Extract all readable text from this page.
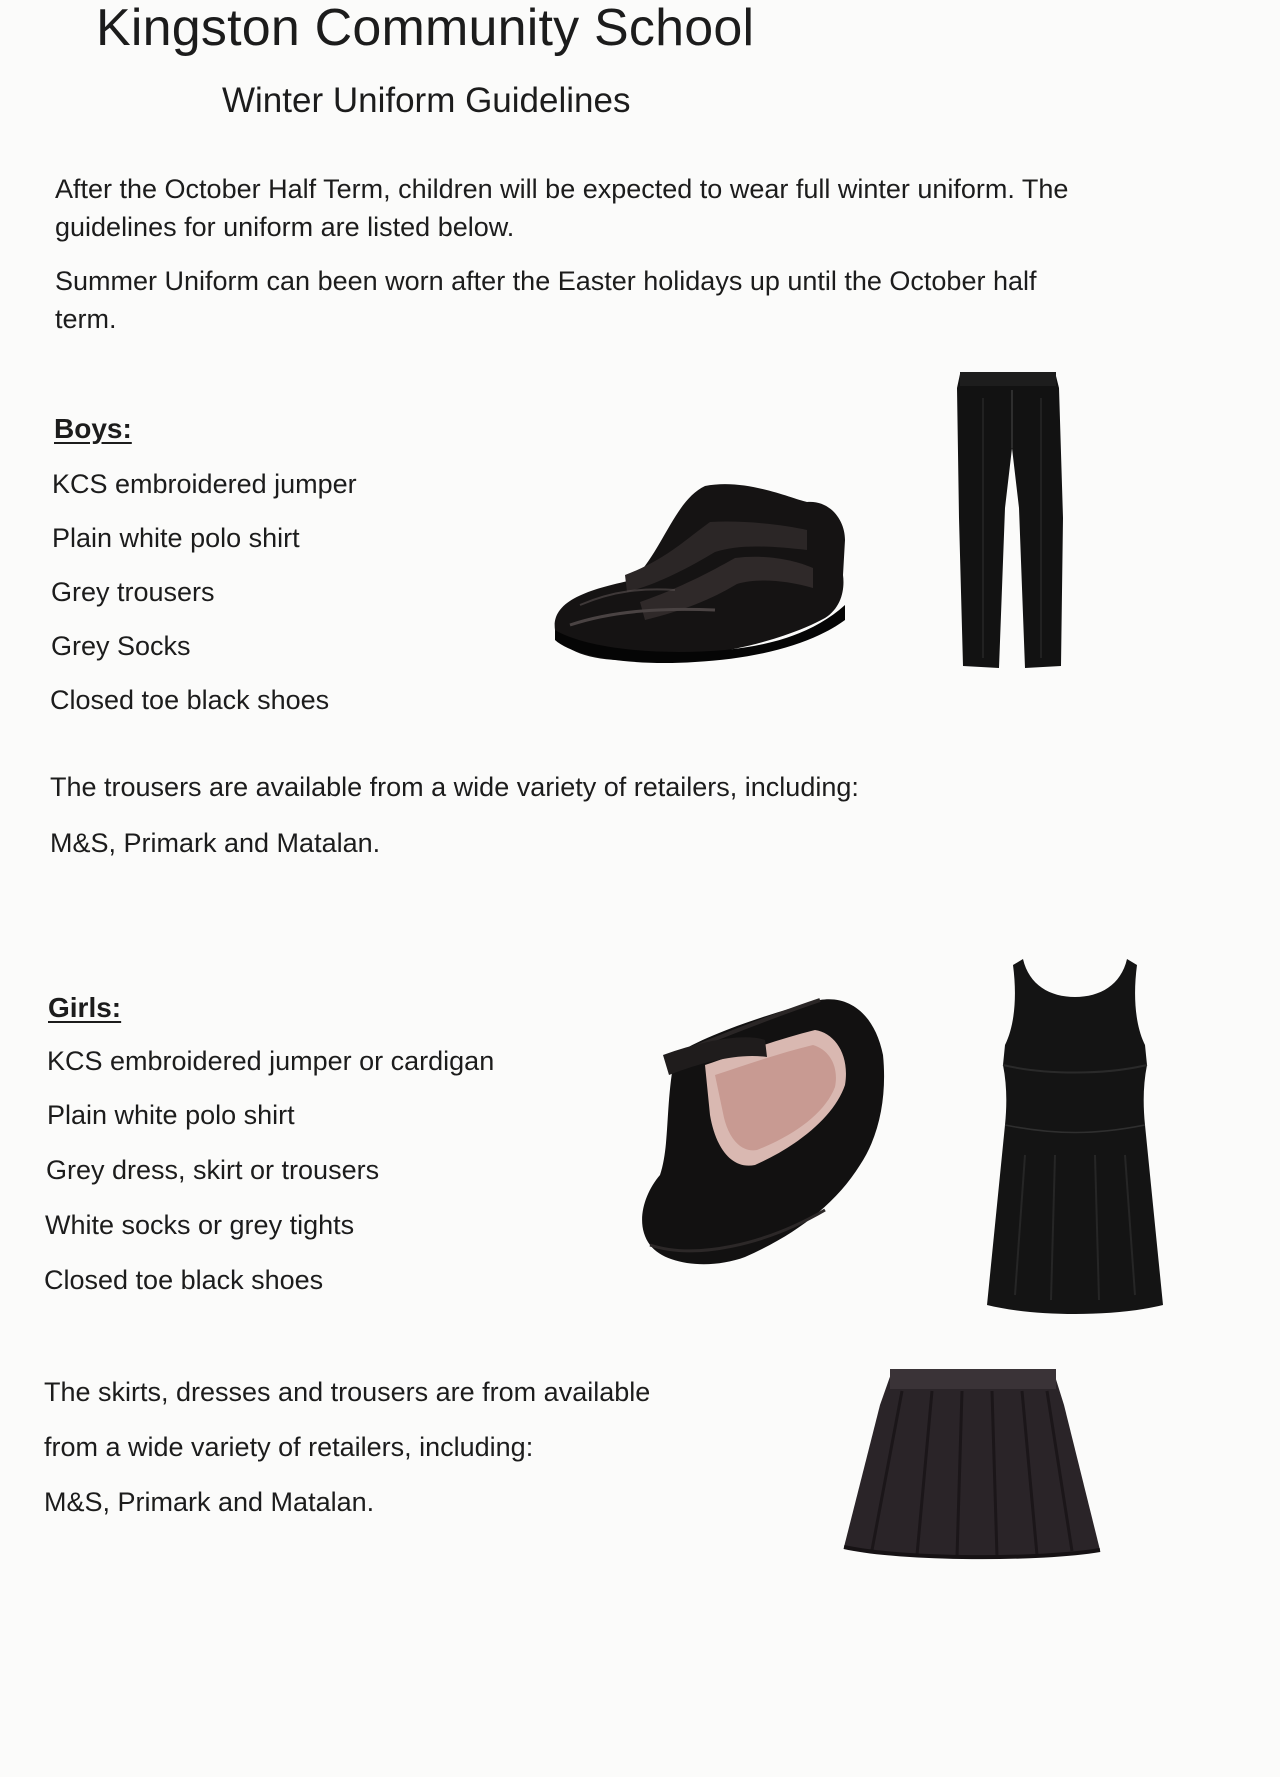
Kingston Community School
Winter Uniform Guidelines
After the October Half Term, children will be expected to wear full winter uniform. The
guidelines for uniform are listed below.
Summer Uniform can been worn after the Easter holidays up until the October half
term.
Boys:
KCS embroidered jumper
Plain white polo shirt
Grey trousers
Grey Socks
Closed toe black shoes
The trousers are available from a wide variety of retailers, including:
M&S, Primark and Matalan.
Girls:
KCS embroidered jumper or cardigan
Plain white polo shirt
Grey dress, skirt or trousers
White socks or grey tights
Closed toe black shoes
The skirts, dresses and trousers are from available
from a wide variety of retailers, including:
M&S, Primark and Matalan.
